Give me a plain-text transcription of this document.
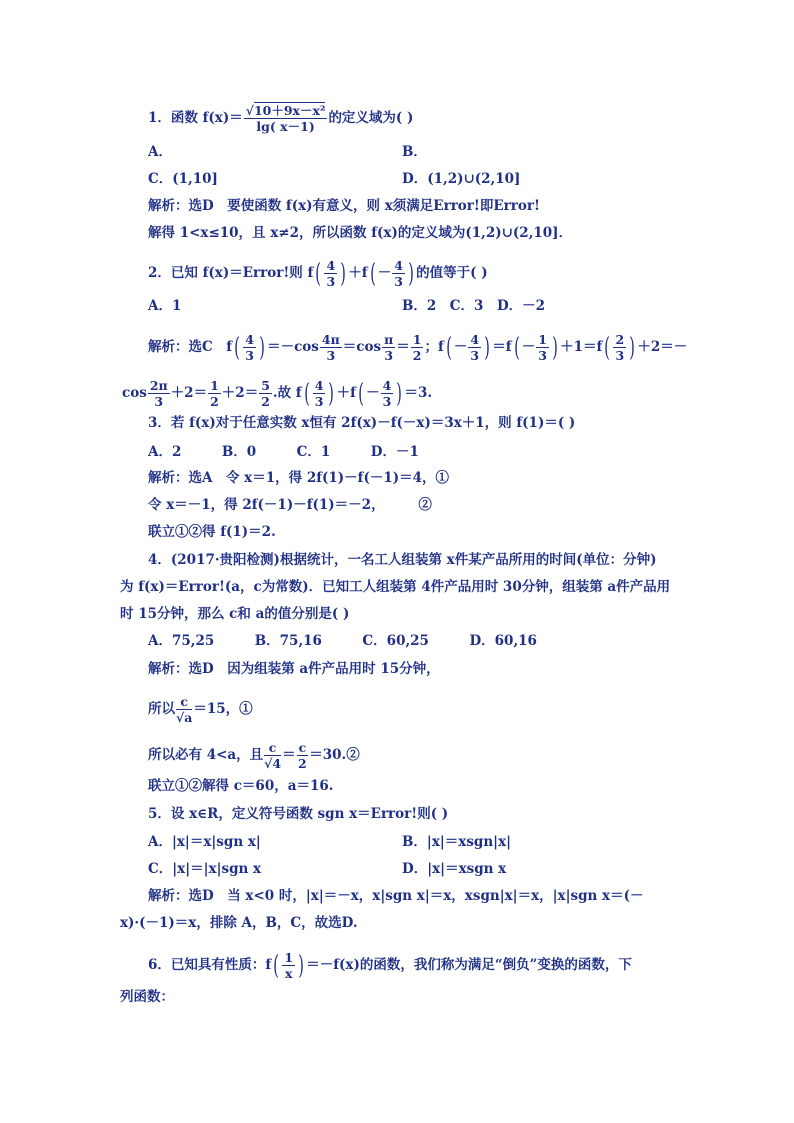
1．函数 $f(x)= \frac{\text{√10＋9x－x²}}{\lg( x-1)}$ 的定义域为( )
A．	B．
C．(1,10]	D．(1,2)∪(2,10]
解析：选D　要使函数 f(x)有意义，则 x须满足Error!即Error!
解得 1<x≤10，且 x≠2，所以函数 f(x)的定义域为(1,2)∪(2,10]．
2．已知 f(x)＝Error!则 $f( \frac{4}{3}$ ) $+f( - \frac{4}{3}$ ) 的值等于( )
A．1	B．2　C．3　D．－2
解析：选C　$f( \frac{4}{3}$ ) $=-\cos \frac{4\pi}{3} =\cos \frac{\pi}{3} = \frac{1}{2}$ ；$f( - \frac{4}{3}$ ) $=f( - \frac{1}{3}$ ) $+1=f( \frac{2}{3}$ ) ＋2＝－
$\cos \frac{2\pi}{3} +2= \frac{1}{2} +2= \frac{5}{2}$ .故 $f( \frac{4}{3}$ ) $+f( - \frac{4}{3}$ ) ＝3.
3．若 f(x)对于任意实数 x恒有 2f(x)－f(－x)＝3x＋1，则 f(1)＝( )
A．2　　　B．0　　　C．1　　　D．－1
解析：选A　令 x＝1，得 2f(1)－f(－1)＝4，①
令 x＝－1，得 2f(－1)－f(1)＝－2，　　　②
联立①②得 f(1)＝2.
4．(2017·贵阳检测)根据统计，一名工人组装第 x件某产品所用的时间(单位：分钟)
为 f(x)＝Error!(a，c为常数)．已知工人组装第 4件产品用时 30分钟，组装第 a件产品用
时 15分钟，那么 c和 a的值分别是( )
A．75,25　　　B．75,16　　　C．60,25　　　D．60,16
解析：选D　因为组装第 a件产品用时 15分钟，
所以 $\frac{c}{√a} =15$，①
所以必有 4<a，且 $\frac{c}{√4} = \frac{c}{2}$ ＝30.②
联立①②解得 c＝60，a＝16.
5．设 x∈R，定义符号函数 sgn x＝Error!则( )
A．|x|＝x|sgn x|	B．|x|＝xsgn|x|
C．|x|＝|x|sgn x	D．|x|＝xsgn x
解析：选D　当 x<0 时，|x|＝－x，x|sgn x|＝x，xsgn|x|＝x，|x|sgn x＝(－
x)·(－1)＝x，排除 A，B，C，故选D.
6．已知具有性质：$f( \frac{1}{x}$ ) ＝－f(x)的函数，我们称为满足“倒负”变换的函数，下
列函数：
